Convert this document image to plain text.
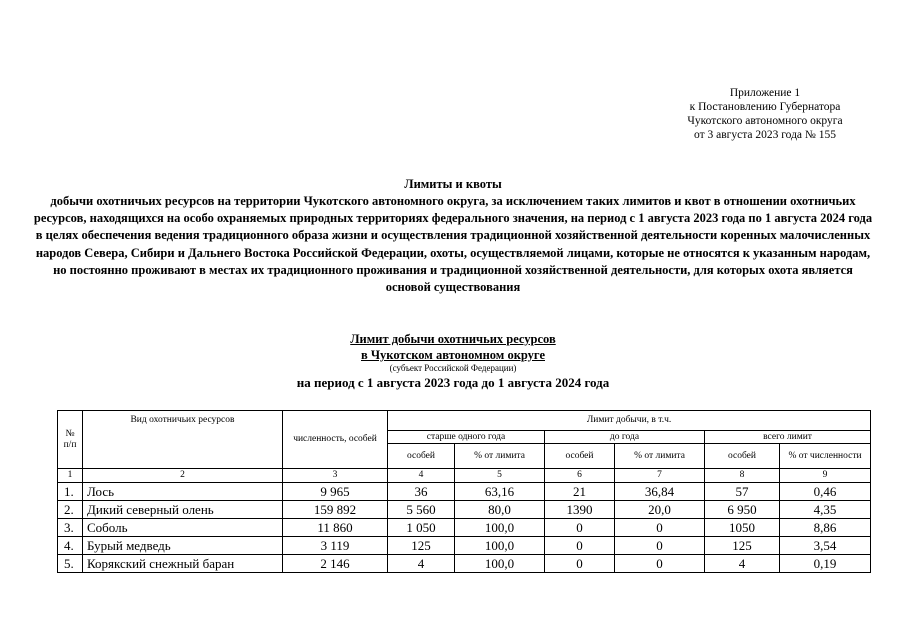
Приложение 1
к Постановлению Губернатора
Чукотского автономного округа
от 3 августа 2023 года № 155
Лимиты и квоты
добычи охотничьих ресурсов на территории Чукотского автономного округа, за исключением таких лимитов и квот в отношении охотничьих ресурсов, находящихся на особо охраняемых природных территориях федерального значения, на период с 1 августа 2023 года по 1 августа 2024 года в целях обеспечения ведения традиционного образа жизни и осуществления традиционной хозяйственной деятельности коренных малочисленных народов Севера, Сибири и Дальнего Востока Российской Федерации, охоты, осуществляемой лицами, которые не относятся к указанным народам, но постоянно проживают в местах их традиционного проживания и традиционной хозяйственной деятельности, для которых охота является основой существования
Лимит добычи охотничьих ресурсов
в Чукотском автономном округе
(субъект Российской Федерации)
на период с 1 августа 2023 года до 1 августа 2024 года
№ п/п	Вид охотничьих ресурсов	численность, особей	Лимит добычи, в т.ч.					
			старше одного года		до года		всего лимит	
			особей	% от лимита	особей	% от лимита	особей	% от численности
1	2	3	4	5	6	7	8	9
1.	Лось	9 965	36	63,16	21	36,84	57	0,46
2.	Дикий северный олень	159 892	5 560	80,0	1390	20,0	6 950	4,35
3.	Соболь	11 860	1 050	100,0	0	0	1050	8,86
4.	Бурый медведь	3 119	125	100,0	0	0	125	3,54
5.	Корякский снежный баран	2 146	4	100,0	0	0	4	0,19
